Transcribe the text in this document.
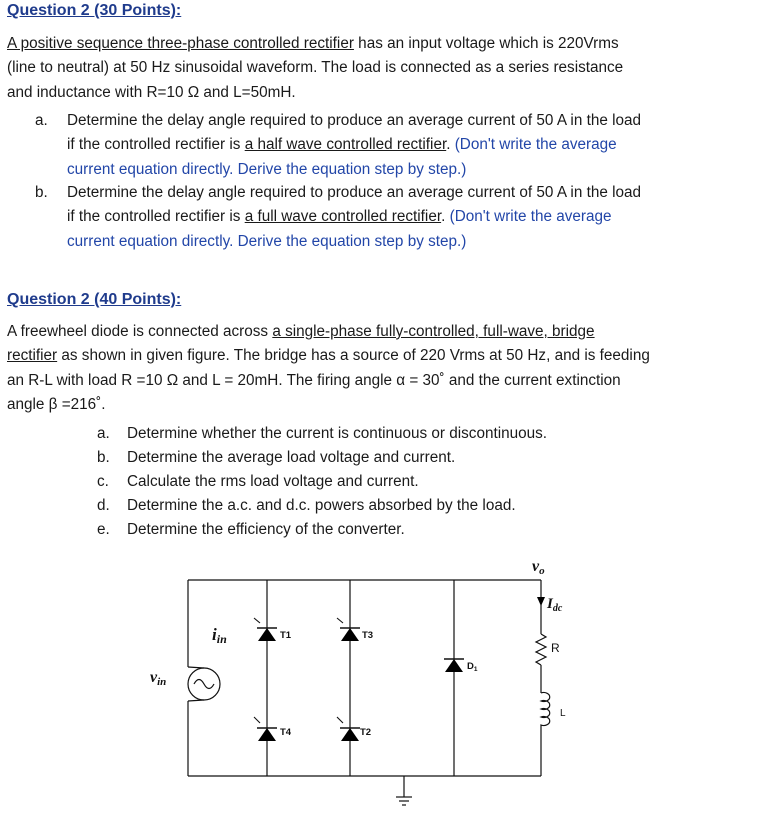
Question 2 (30 Points):
A positive sequence three-phase controlled rectifier has an input voltage which is 220Vrms
(line to neutral) at 50 Hz sinusoidal waveform. The load is connected as a series resistance
and inductance with R=10 Ω and L=50mH.
a.	Determine the delay angle required to produce an average current of 50 A in the load
if the controlled rectifier is a half wave controlled rectifier. (Don't write the average
current equation directly. Derive the equation step by step.)
b.	Determine the delay angle required to produce an average current of 50 A in the load
if the controlled rectifier is a full wave controlled rectifier. (Don't write the average
current equation directly. Derive the equation step by step.)
Question 2 (40 Points):
A freewheel diode is connected across a single-phase fully-controlled, full-wave, bridge
rectifier as shown in given figure. The bridge has a source of 220 Vrms at 50 Hz, and is feeding
an R-L with load R =10 Ω and L = 20mH. The firing angle α = 30˚ and the current extinction
angle β =216˚.
a. Determine whether the current is continuous or discontinuous.
b. Determine the average load voltage and current.
c. Calculate the rms load voltage and current.
d. Determine the a.c. and d.c. powers absorbed by the load.
e. Determine the efficiency of the converter.
T1
T4
T3
T2
$D_1$
R
L
vo
$I_{dc}$
iin
vin
